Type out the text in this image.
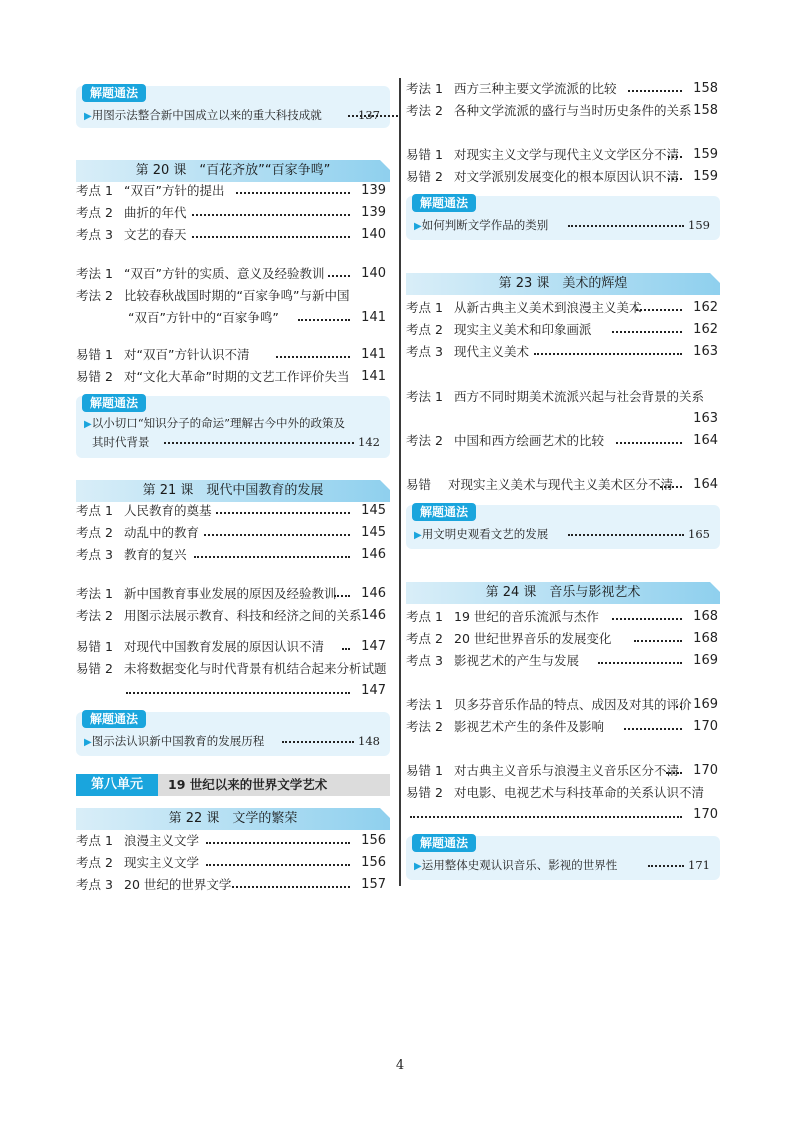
解题通法
▶用图示法整合新中国成立以来的重大科技成就	137
第 20 课　“百花齐放”“百家争鸣”
考点 1 “双百”方针的提出	139
考点 2 曲折的年代	139
考点 3 文艺的春天	140
考法 1 “双百”方针的实质、意义及经验教训	140
考法 2 比较春秋战国时期的“百家争鸣”与新中国
“双百”方针中的“百家争鸣”	141
易错 1 对“双百”方针认识不清	141
易错 2 对“文化大革命”时期的文艺工作评价失当 141
解题通法
▶以小切口“知识分子的命运”理解古今中外的政策及
其时代背景	142
第 21 课　现代中国教育的发展
考点 1 人民教育的奠基	145
考点 2 动乱中的教育	145
考点 3 教育的复兴	146
考法 1 新中国教育事业发展的原因及经验教训 146
考法 2 用图示法展示教育、科技和经济之间的关系 146
易错 1 对现代中国教育发展的原因认识不清	147
易错 2 未将数据变化与时代背景有机结合起来分析试题
147
解题通法
▶图示法认识新中国教育的发展历程	148
第八单元	19 世纪以来的世界文学艺术
第 22 课　文学的繁荣
考点 1 浪漫主义文学	156
考点 2 现实主义文学	156
考点 3 20 世纪的世界文学	157
考法 1 西方三种主要文学流派的比较	158
考法 2 各种文学流派的盛行与当时历史条件的关系 158
易错 1 对现实主义文学与现代主义文学区分不清 159
易错 2 对文学派别发展变化的根本原因认识不清 159
解题通法
▶如何判断文学作品的类别	159
第 23 课　美术的辉煌
考点 1 从新古典主义美术到浪漫主义美术	162
考点 2 现实主义美术和印象画派	162
考点 3 现代主义美术	163
考法 1 西方不同时期美术流派兴起与社会背景的关系
163
考法 2 中国和西方绘画艺术的比较	164
易错 对现实主义美术与现代主义美术区分不清 164
解题通法
▶用文明史观看文艺的发展	165
第 24 课　音乐与影视艺术
考点 1 19 世纪的音乐流派与杰作	168
考点 2 20 世纪世界音乐的发展变化	168
考点 3 影视艺术的产生与发展	169
考法 1 贝多芬音乐作品的特点、成因及对其的评价 169
考法 2 影视艺术产生的条件及影响	170
易错 1 对古典主义音乐与浪漫主义音乐区分不清 170
易错 2 对电影、电视艺术与科技革命的关系认识不清
170
解题通法
▶运用整体史观认识音乐、影视的世界性	171
4
